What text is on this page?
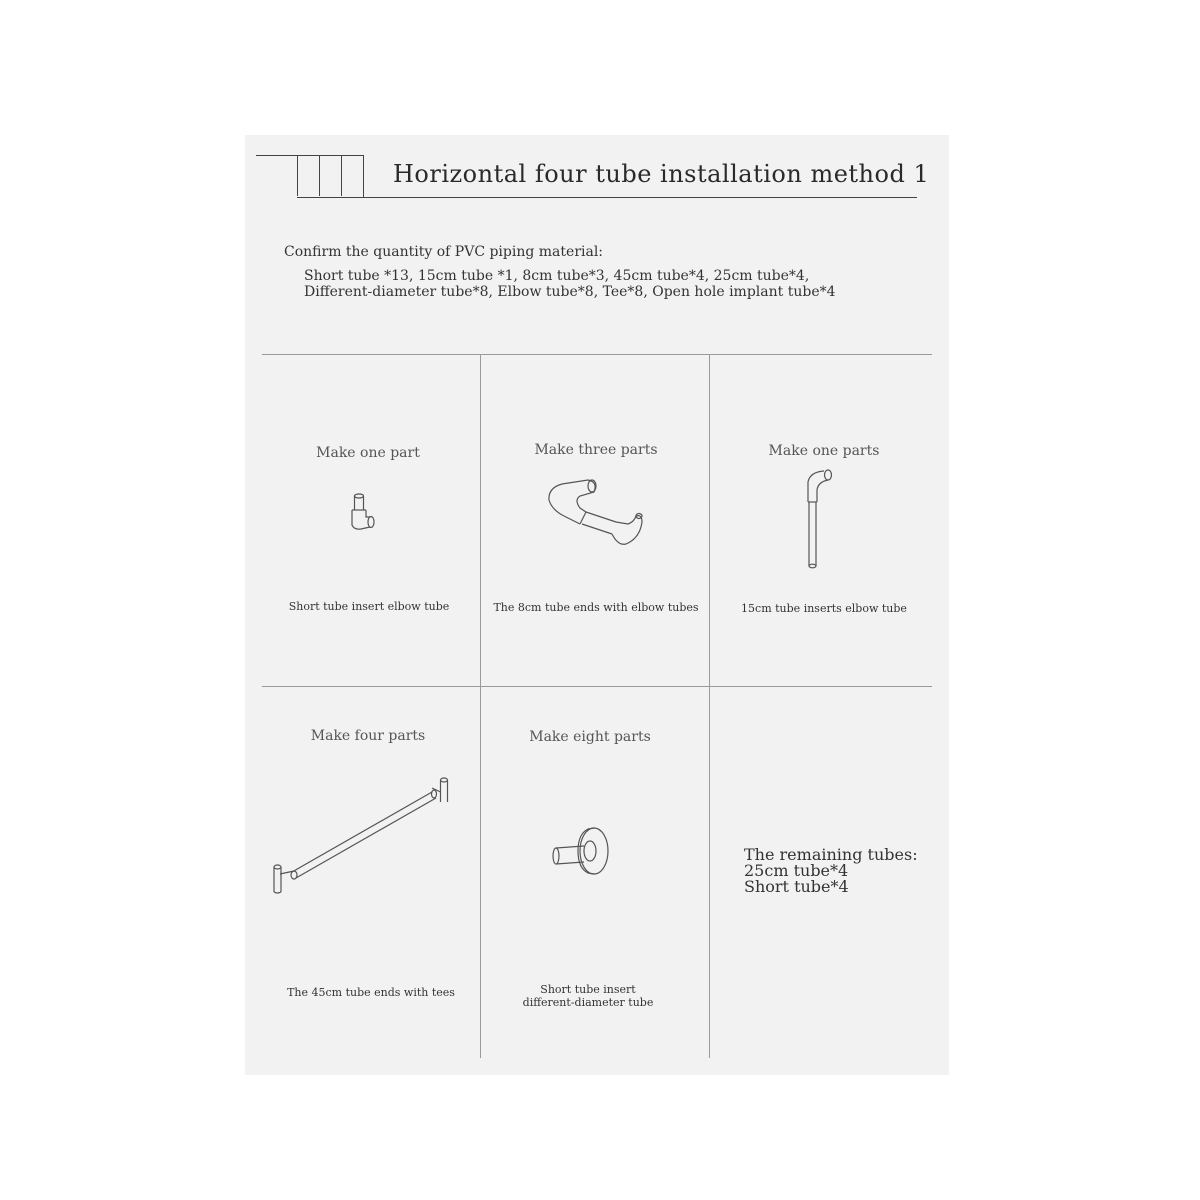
Horizontal four tube installation method 1
Confirm the quantity of PVC piping material:
Short tube *13, 15cm tube *1, 8cm tube*3, 45cm tube*4, 25cm tube*4,
Different-diameter tube*8, Elbow tube*8, Tee*8, Open hole implant tube*4
Make one part
Short tube insert elbow tube
Make three parts
The 8cm tube ends with elbow tubes
Make one parts
15cm tube inserts elbow tube
Make four parts
The 45cm tube ends with tees
Make eight parts
Short tube insert
different-diameter tube
The remaining tubes:
25cm tube*4
Short tube*4
